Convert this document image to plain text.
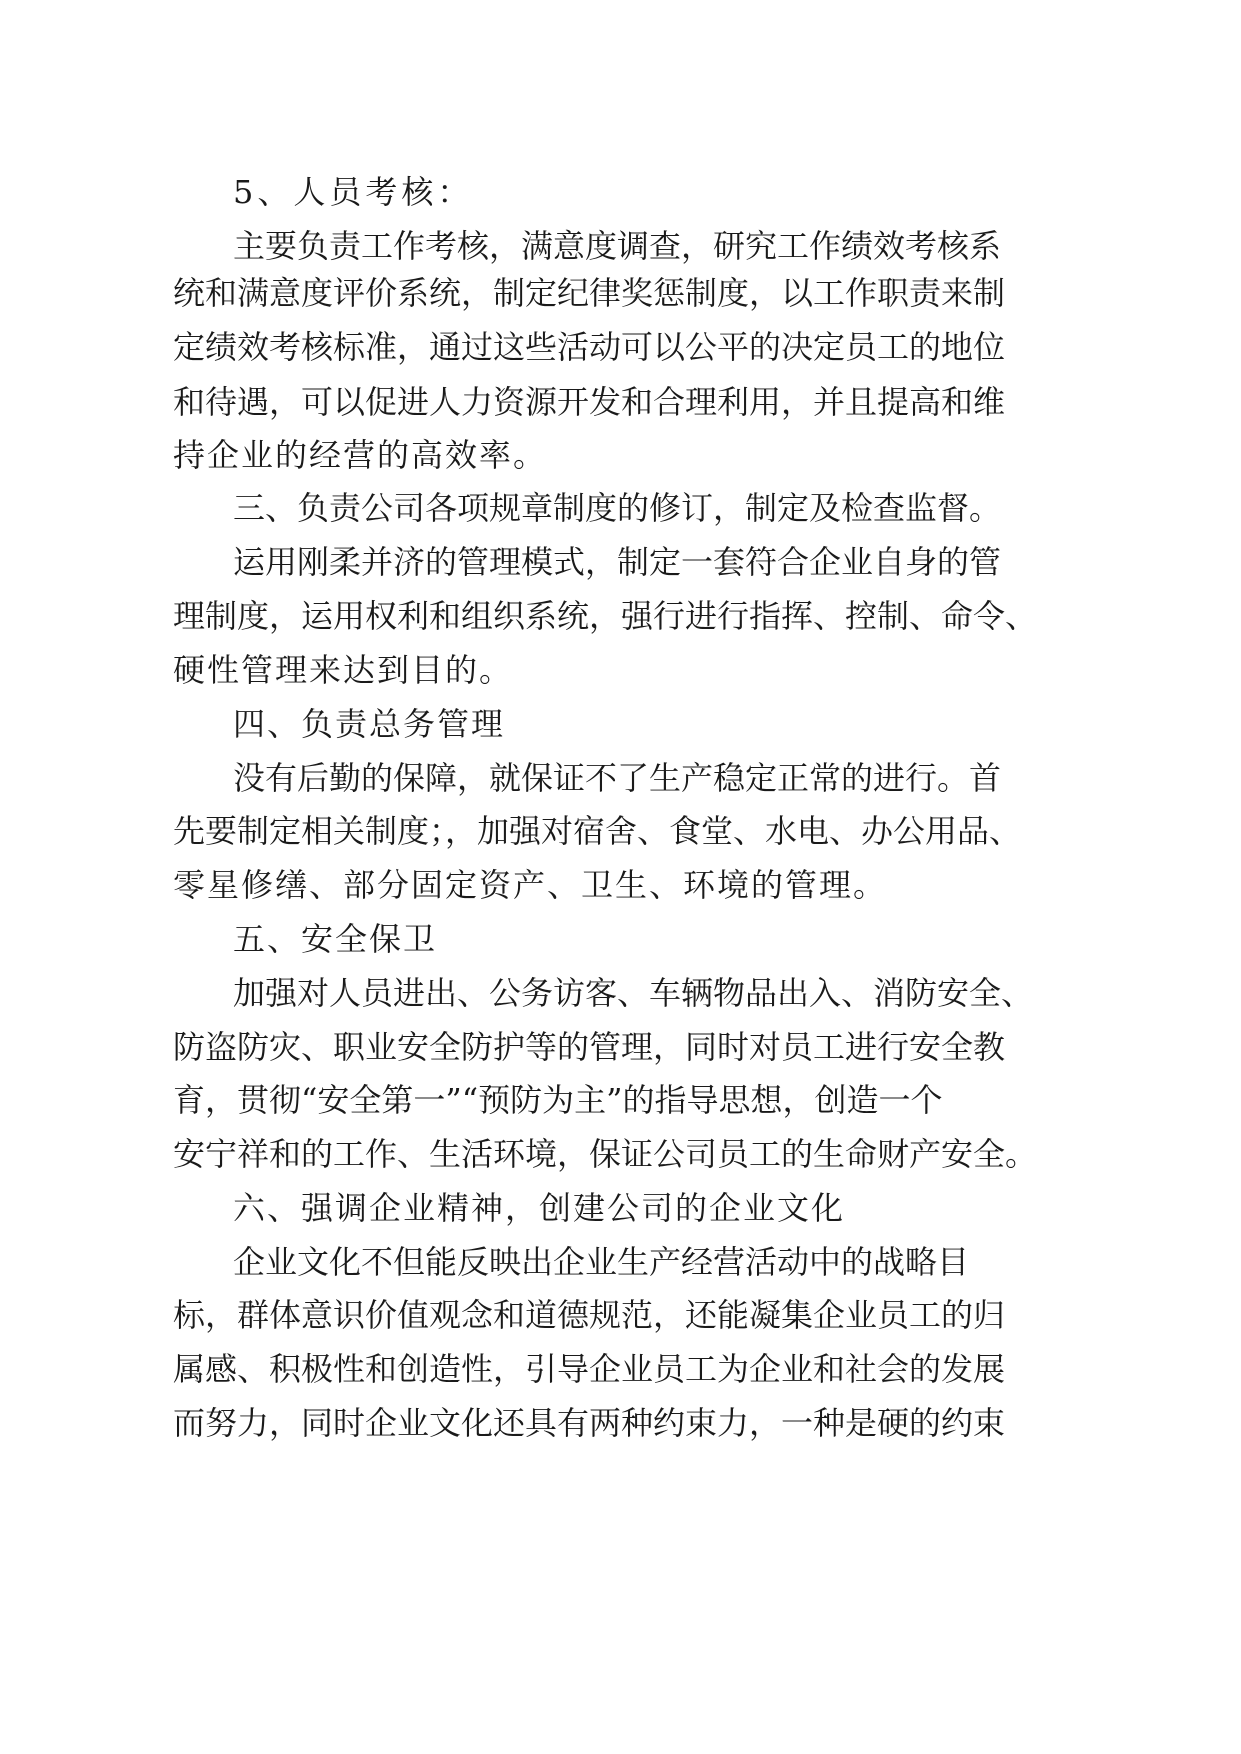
5、人员考核：

主要负责工作考核，满意度调查，研究工作绩效考核系

统和满意度评价系统，制定纪律奖惩制度，以工作职责来制

定绩效考核标准，通过这些活动可以公平的决定员工的地位

和待遇，可以促进人力资源开发和合理利用，并且提高和维

持企业的经营的高效率。

三、负责公司各项规章制度的修订，制定及检查监督。

运用刚柔并济的管理模式，制定一套符合企业自身的管

理制度，运用权利和组织系统，强行进行指挥、控制、命令、

硬性管理来达到目的。

四、负责总务管理

没有后勤的保障，就保证不了生产稳定正常的进行。首

先要制定相关制度；，加强对宿舍、食堂、水电、办公用品、

零星修缮、部分固定资产、卫生、环境的管理。

五、安全保卫

加强对人员进出、公务访客、车辆物品出入、消防安全、

防盗防灾、职业安全防护等的管理，同时对员工进行安全教

育，贯彻“安全第一”“预防为主”的指导思想，创造一个

安宁祥和的工作、生活环境，保证公司员工的生命财产安全。

六、强调企业精神，创建公司的企业文化

企业文化不但能反映出企业生产经营活动中的战略目

标，群体意识价值观念和道德规范，还能凝集企业员工的归

属感、积极性和创造性，引导企业员工为企业和社会的发展

而努力，同时企业文化还具有两种约束力，一种是硬的约束
